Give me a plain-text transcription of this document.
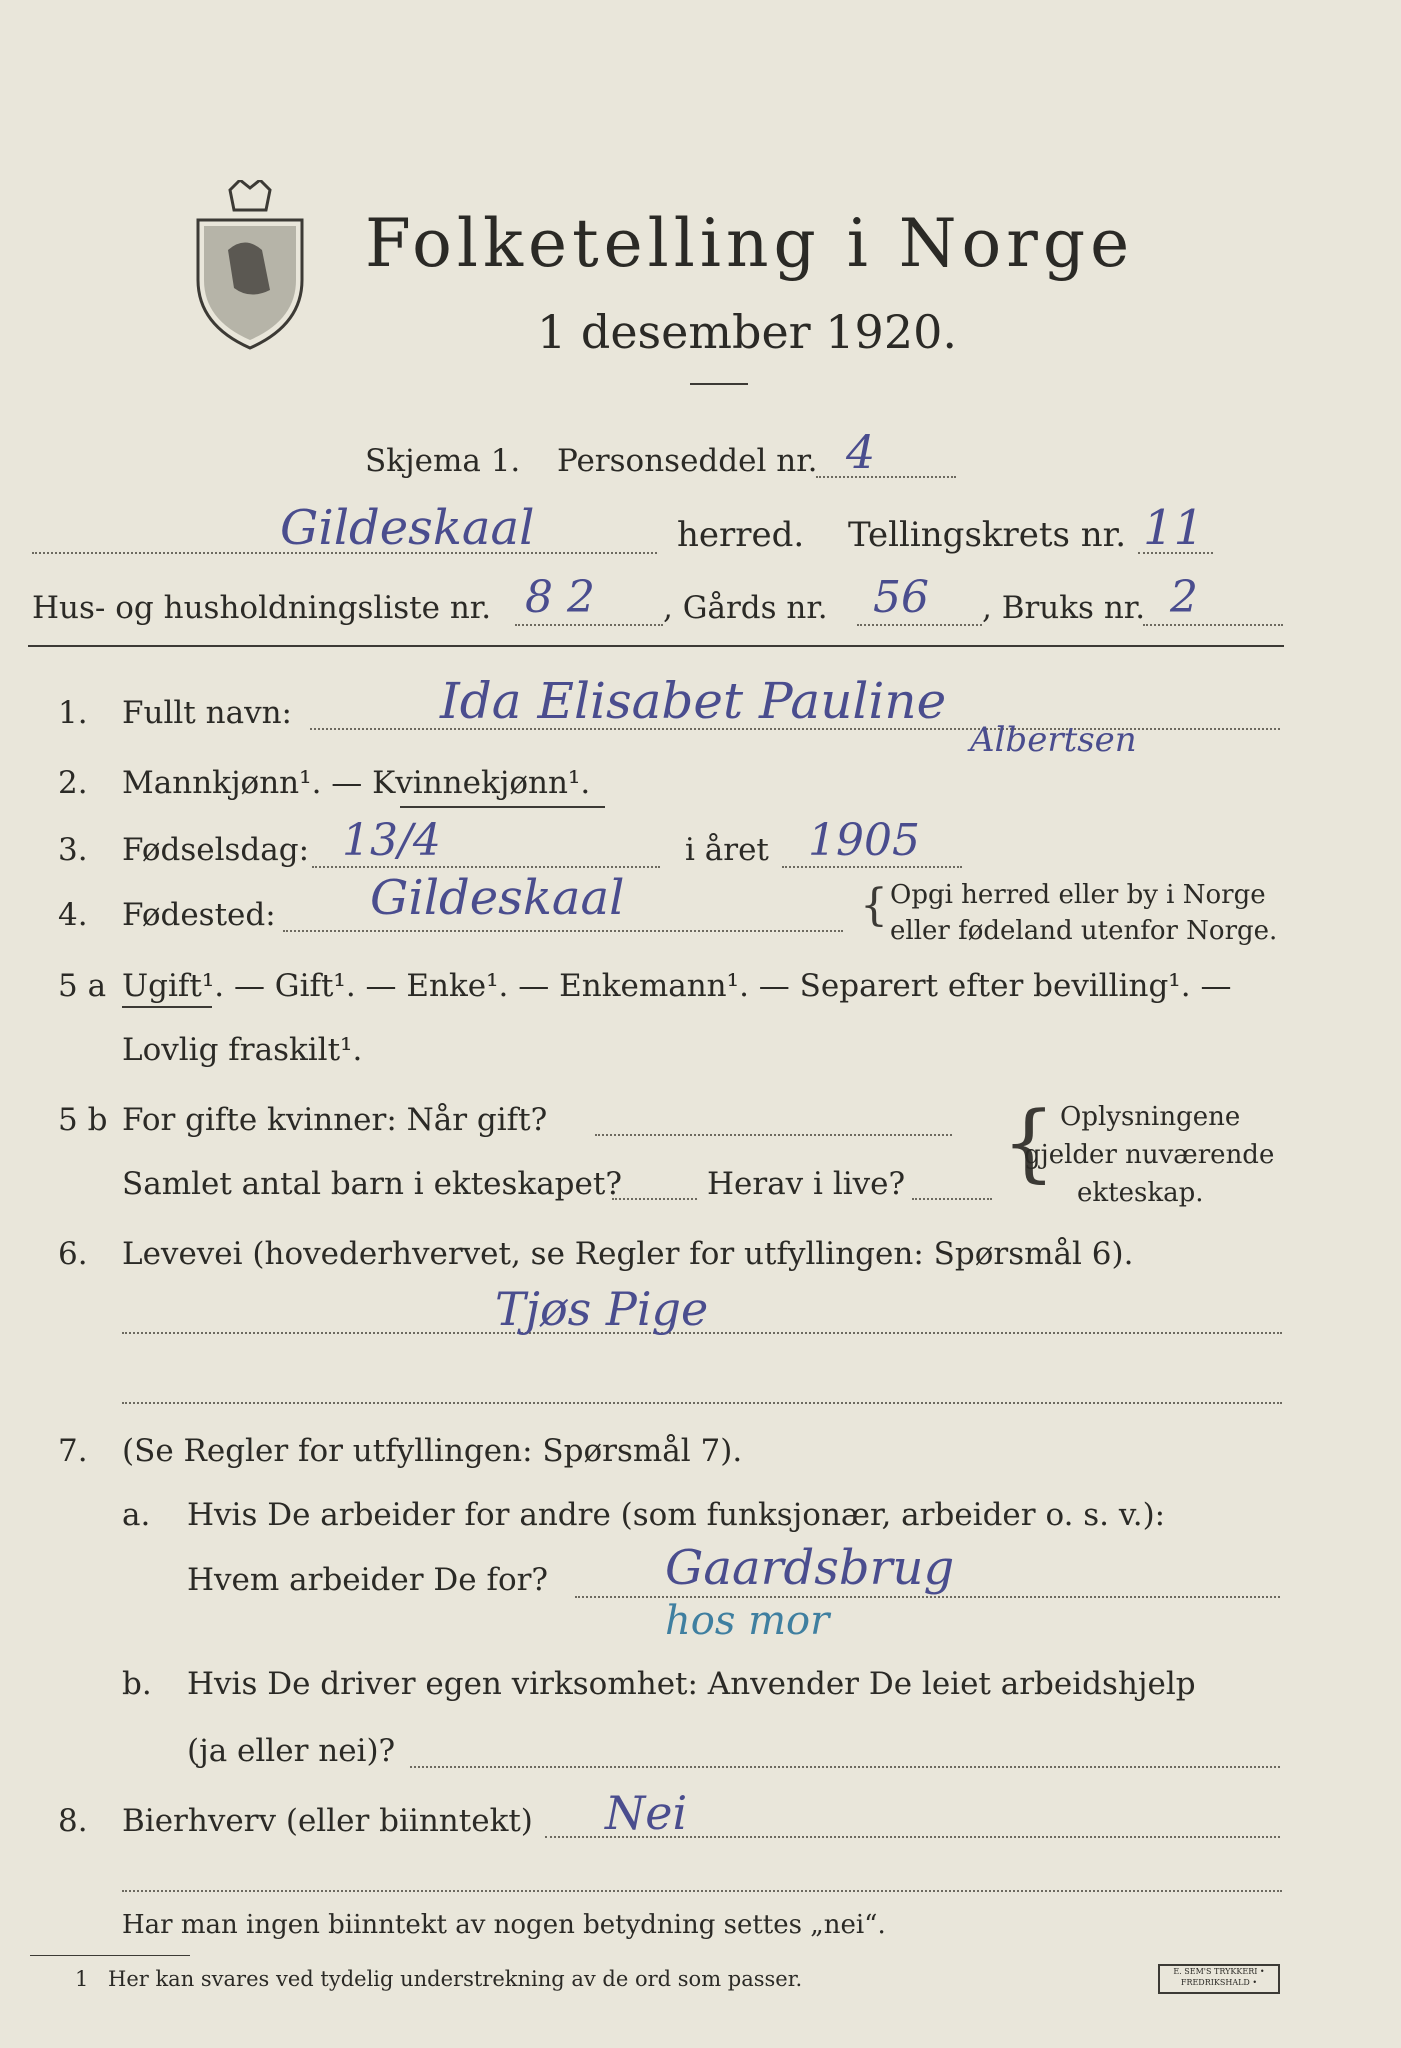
Folketelling i Norge
1 desember 1920.
Skjema 1. Personseddel nr. 4
Gildeskaal	herred. Tellingskrets nr. 11
Hus- og husholdningsliste nr. 8 2 , Gårds nr. 56 , Bruks nr. 2
1. Fullt navn:	Ida Elisabet Pauline
Albertsen
2. Mannkjønn¹. — Kvinnekjønn¹.
3. Fødselsdag: 13/4	i året 1905
4. Fødested: Gildeskaal	{ Opgi herred eller by i Norge
eller fødeland utenfor Norge.
5 a Ugift¹. — Gift¹. — Enke¹. — Enkemann¹. — Separert efter bevilling¹. —
Lovlig fraskilt¹.
5 b For gifte kvinner: Når gift?
Samlet antal barn i ekteskapet?	Herav i live? { Oplysningene
gjelder nuværende
ekteskap.
6. Levevei (hovederhvervet, se Regler for utfyllingen: Spørsmål 6).
Tjøs Pige
7. (Se Regler for utfyllingen: Spørsmål 7).
a. Hvis De arbeider for andre (som funksjonær, arbeider o. s. v.):
Hvem arbeider De for? Gaardsbrug
hos mor
b. Hvis De driver egen virksomhet: Anvender De leiet arbeidshjelp
(ja eller nei)?
8. Bierhverv (eller biinntekt) Nei
Har man ingen biinntekt av nogen betydning settes „nei“.
1 Her kan svares ved tydelig understrekning av de ord som passer.	E. SEM'S TRYKKERI • FREDRIKSHALD •
